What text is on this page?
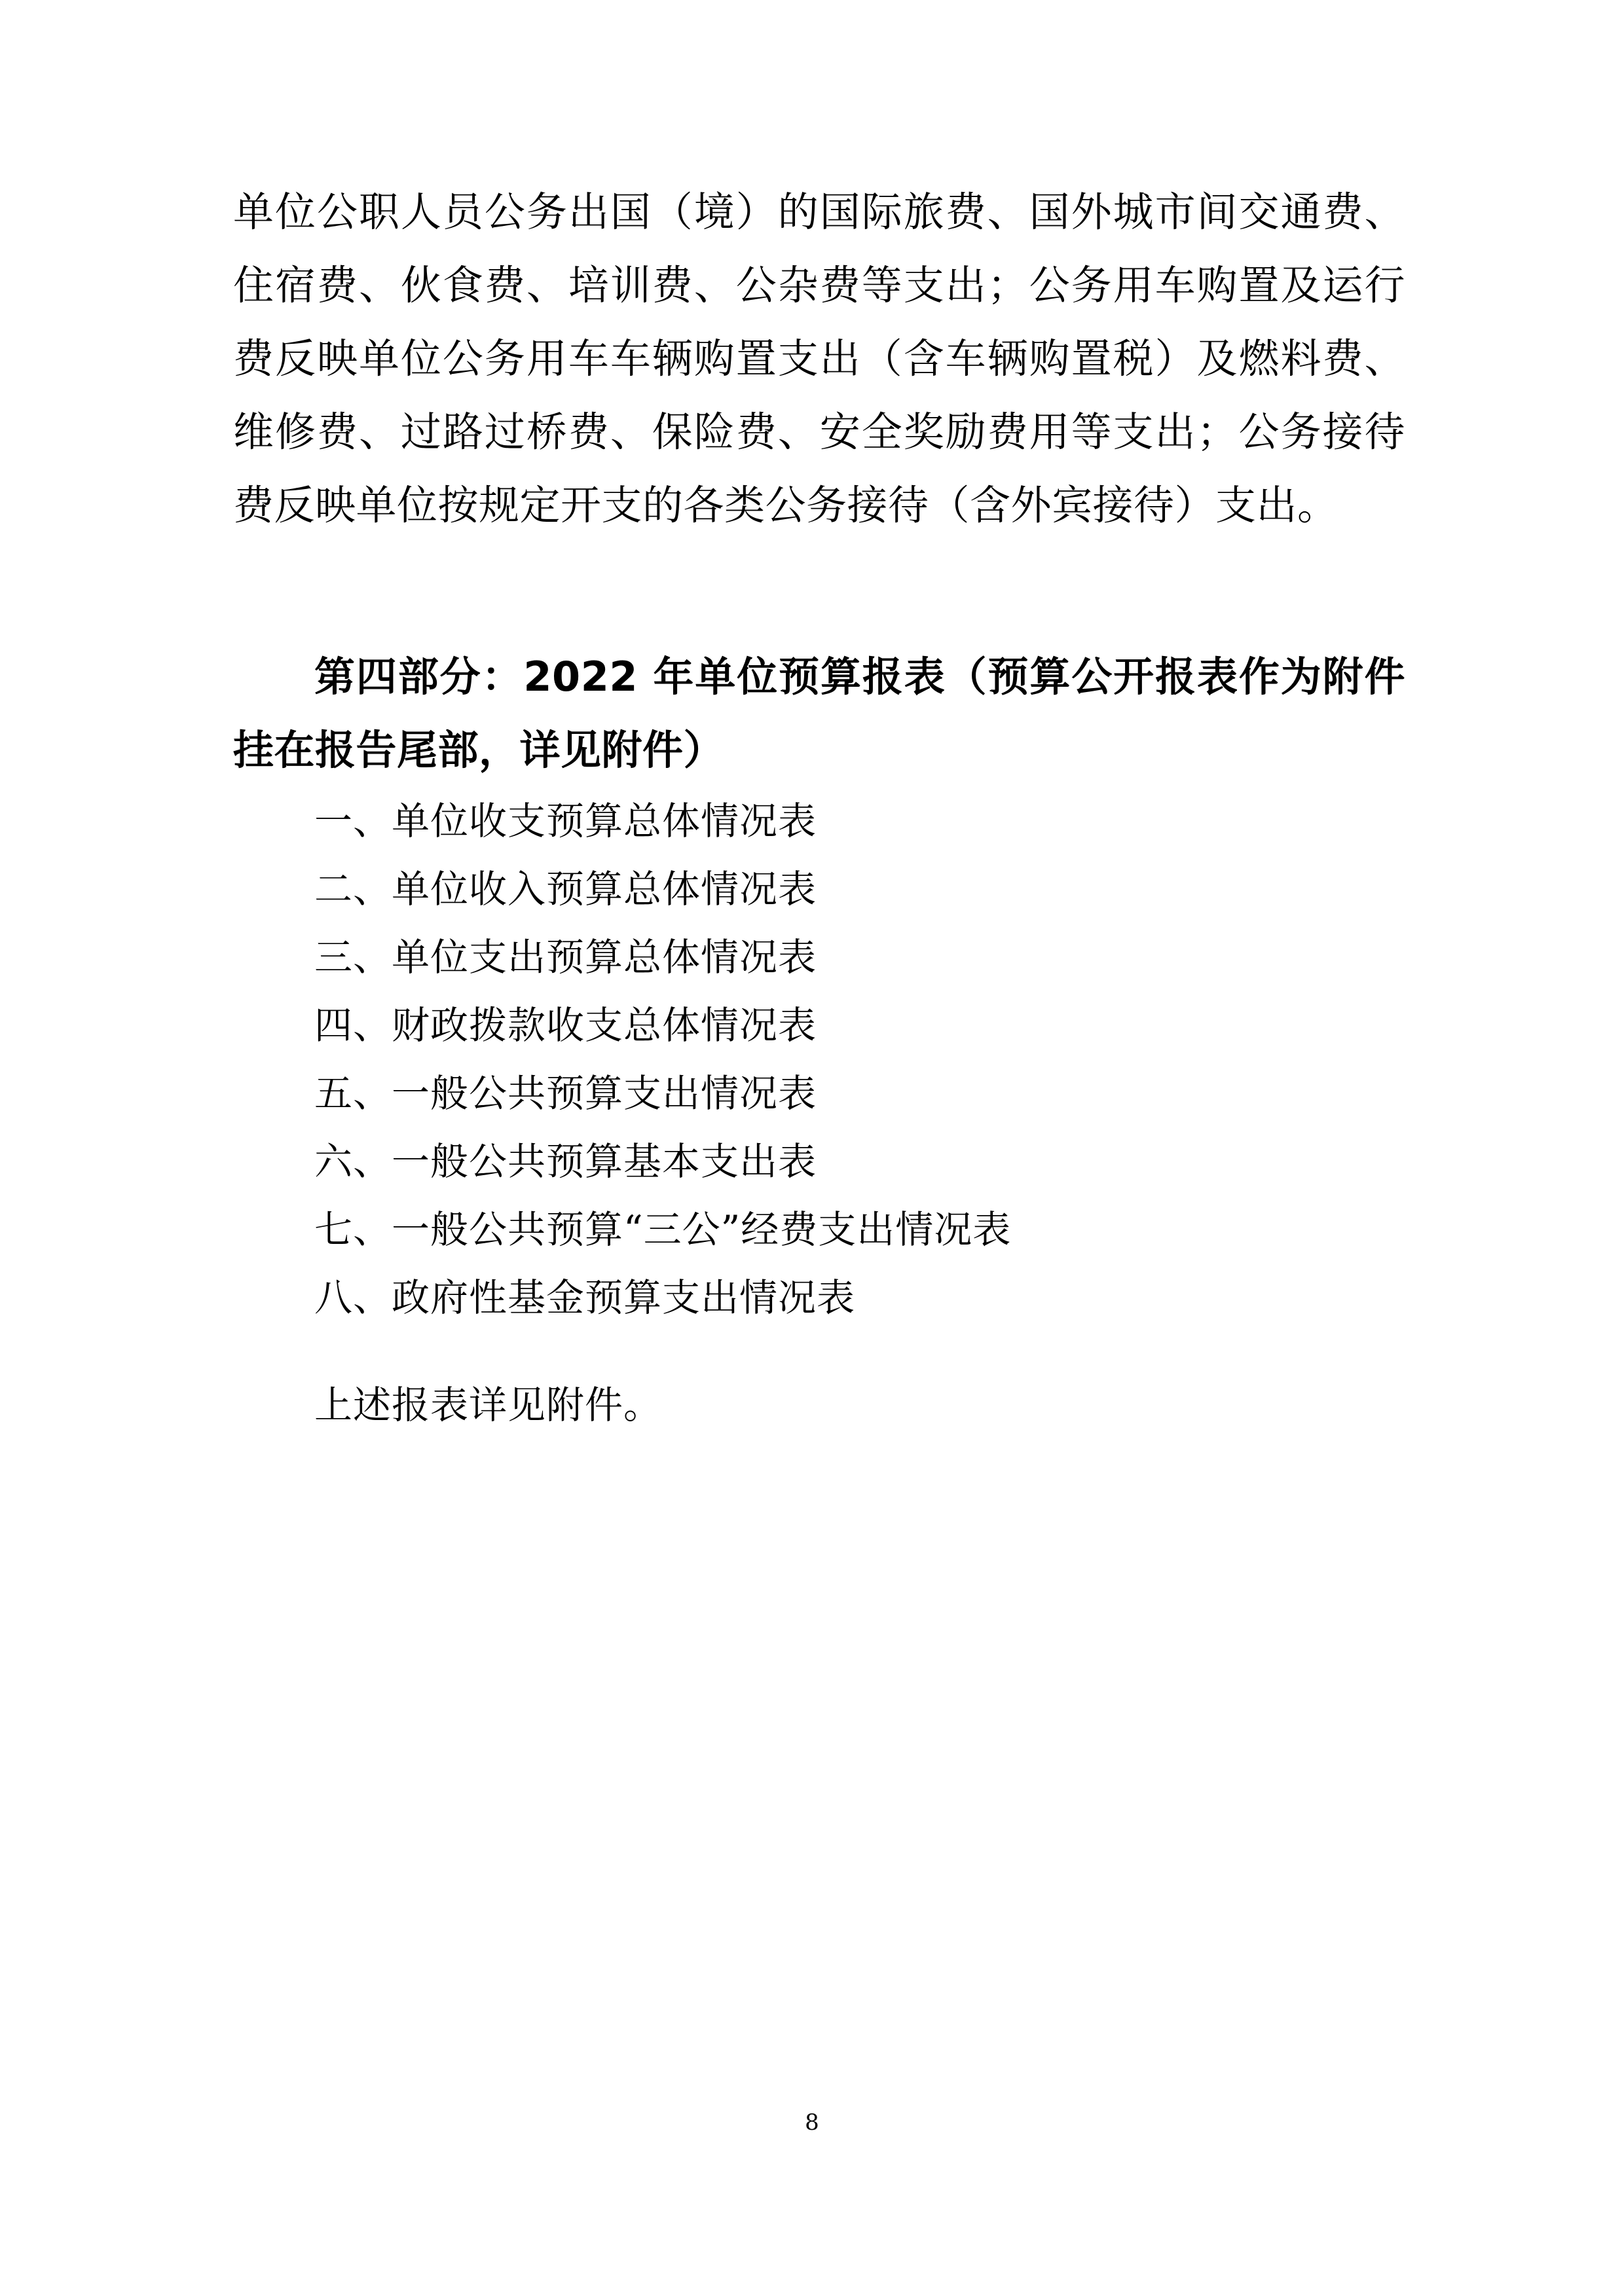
单位公职人员公务出国（境）的国际旅费、国外城市间交通费、住宿费、伙食费、培训费、公杂费等支出；公务用车购置及运行费反映单位公务用车车辆购置支出（含车辆购置税）及燃料费、维修费、过路过桥费、保险费、安全奖励费用等支出；公务接待费反映单位按规定开支的各类公务接待（含外宾接待）支出。

第四部分：2022 年单位预算报表（预算公开报表作为附件挂在报告尾部，详见附件）
一、单位收支预算总体情况表
二、单位收入预算总体情况表
三、单位支出预算总体情况表
四、财政拨款收支总体情况表
五、一般公共预算支出情况表
六、一般公共预算基本支出表
七、一般公共预算“三公”经费支出情况表
八、政府性基金预算支出情况表

上述报表详见附件。

8
